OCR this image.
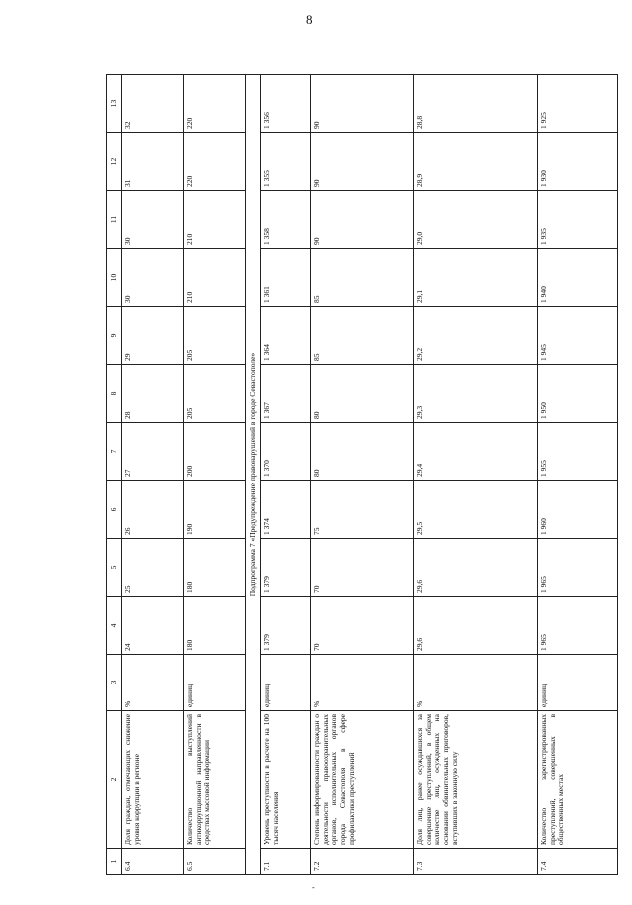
8
1	2	3	4	5	6	7	8	9	10	11	12	13
6.4	Доля граждан, отмечающих снижение уровня коррупции в регионе	%	24	25	26	27	28	29	30	30	31	32
6.5	Количество выступлений антикоррупционной направленности в средствах массовой информации	единиц	180	180	190	200	205	205	210	210	220	220
Подпрограмма 7 «Предупреждение правонарушений в городе Севастополе»												
7.1	Уровень преступности в расчете на 100 тысяч населения	единиц	1 379	1 379	1 374	1 370	1 367	1 364	1 361	1 358	1 355	1 356
7.2	Степень информированности граждан о деятельности правоохранительных органов, исполнительных органов города Севастополя в сфере профилактики преступлений	%	70	70	75	80	80	85	85	90	90	90
7.3	Доля лиц, ранее осуждавшихся за совершение преступлений, в общем количестве лиц, осужденных на основании обвинительных приговоров, вступивших в законную силу	%	29,6	29,6	29,5	29,4	29,3	29,2	29,1	29,0	28,9	28,8
7.4	Количество зарегистрированных преступлений, совершенных в общественных местах	единиц	1 965	1 965	1 960	1 955	1 950	1 945	1 940	1 935	1 930	1 925
-
